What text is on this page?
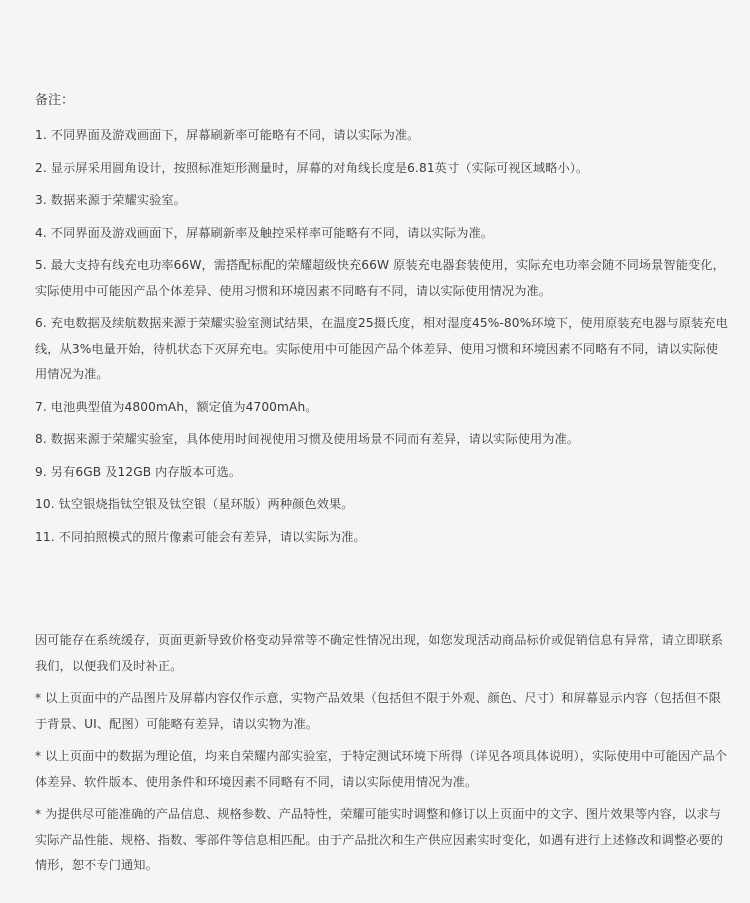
备注：
1. 不同界面及游戏画面下，屏幕刷新率可能略有不同，请以实际为准。
2. 显示屏采用圆角设计，按照标准矩形测量时，屏幕的对角线长度是6.81英寸（实际可视区域略小）。
3. 数据来源于荣耀实验室。
4. 不同界面及游戏画面下，屏幕刷新率及触控采样率可能略有不同，请以实际为准。
5. 最大支持有线充电功率66W，需搭配标配的荣耀超级快充66W 原装充电器套装使用，实际充电功率会随不同场景智能变化，实际使用中可能因产品个体差异、使用习惯和环境因素不同略有不同，请以实际使用情况为准。
6. 充电数据及续航数据来源于荣耀实验室测试结果，在温度25摄氏度，相对湿度45%-80%环境下，使用原装充电器与原装充电线，从3%电量开始，待机状态下灭屏充电。实际使用中可能因产品个体差异、使用习惯和环境因素不同略有不同，请以实际使用情况为准。
7. 电池典型值为4800mAh，额定值为4700mAh。
8. 数据来源于荣耀实验室，具体使用时间视使用习惯及使用场景不同而有差异，请以实际使用为准。
9. 另有6GB 及12GB 内存版本可选。
10. 钛空银烧指钛空银及钛空银（星环版）两种颜色效果。
11. 不同拍照模式的照片像素可能会有差异，请以实际为准。

因可能存在系统缓存，页面更新导致价格变动异常等不确定性情况出现，如您发现活动商品标价或促销信息有异常，请立即联系我们，以便我们及时补正。

* 以上页面中的产品图片及屏幕内容仅作示意，实物产品效果（包括但不限于外观、颜色、尺寸）和屏幕显示内容（包括但不限于背景、UI、配图）可能略有差异，请以实物为准。

* 以上页面中的数据为理论值，均来自荣耀内部实验室，于特定测试环境下所得（详见各项具体说明），实际使用中可能因产品个体差异、软件版本、使用条件和环境因素不同略有不同，请以实际使用情况为准。

* 为提供尽可能准确的产品信息、规格参数、产品特性，荣耀可能实时调整和修订以上页面中的文字、图片效果等内容，以求与实际产品性能、规格、指数、零部件等信息相匹配。由于产品批次和生产供应因素实时变化，如遇有进行上述修改和调整必要的情形，恕不专门通知。
